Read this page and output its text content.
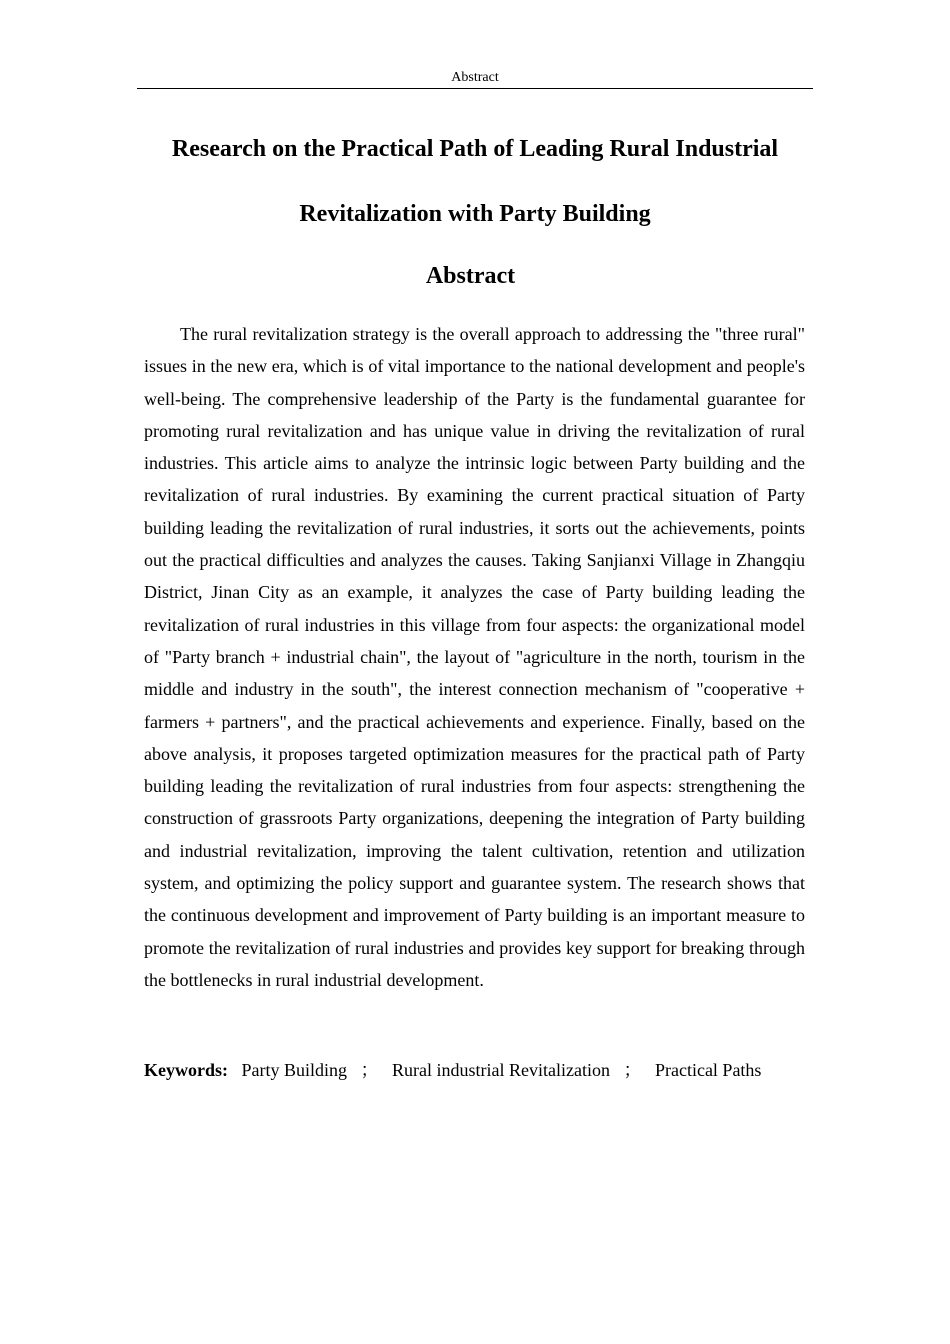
Abstract
Research on the Practical Path of Leading Rural Industrial
Revitalization with Party Building
Abstract

The rural revitalization strategy is the overall approach to addressing the "three rural" issues in the new era, which is of vital importance to the national development and people's well-being. The comprehensive leadership of the Party is the fundamental guarantee for promoting rural revitalization and has unique value in driving the revitalization of rural industries. This article aims to analyze the intrinsic logic between Party building and the revitalization of rural industries. By examining the current practical situation of Party building leading the revitalization of rural industries, it sorts out the achievements, points out the practical difficulties and analyzes the causes. Taking Sanjianxi Village in Zhangqiu District, Jinan City as an example, it analyzes the case of Party building leading the revitalization of rural industries in this village from four aspects: the organizational model of "Party branch + industrial chain", the layout of "agriculture in the north, tourism in the middle and industry in the south", the interest connection mechanism of "cooperative + farmers + partners", and the practical achievements and experience. Finally, based on the above analysis, it proposes targeted optimization measures for the practical path of Party building leading the revitalization of rural industries from four aspects: strengthening the construction of grassroots Party organizations, deepening the integration of Party building and industrial revitalization, improving the talent cultivation, retention and utilization system, and optimizing the policy support and guarantee system. The research shows that the continuous development and improvement of Party building is an important measure to promote the revitalization of rural industries and provides key support for breaking through the bottlenecks in rural industrial development.

Keywords: Party Building ； Rural industrial Revitalization ； Practical Paths
